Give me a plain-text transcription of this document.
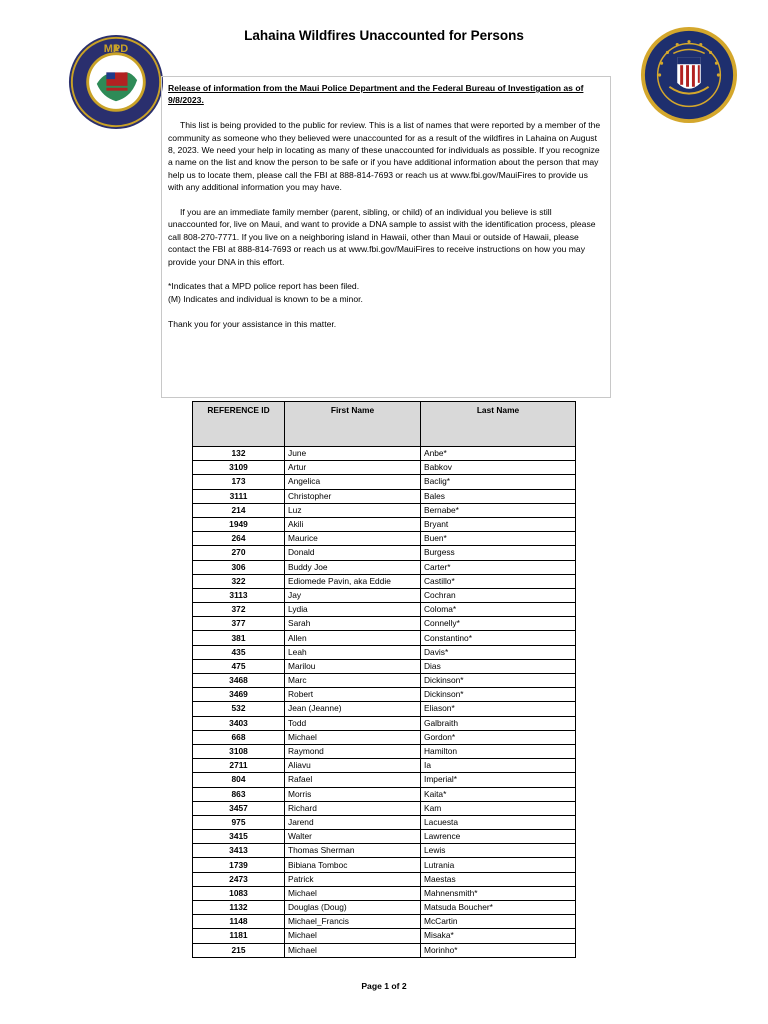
Lahaina Wildfires Unaccounted for Persons
MPD

Release of information from the Maui Police Department and the Federal Bureau of Investigation as of 9/8/2023.

This list is being provided to the public for review. This is a list of names that were reported by a member of the community as someone who they believed were unaccounted for as a result of the wildfires in Lahaina on August 8, 2023. We need your help in locating as many of these unaccounted for individuals as possible. If you recognize a name on the list and know the person to be safe or if you have additional information about the person that may help us to locate them, please call the FBI at 888-814-7693 or reach us at www.fbi.gov/MauiFires to provide us with any additional information you may have.

If you are an immediate family member (parent, sibling, or child) of an individual you believe is still unaccounted for, live on Maui, and want to provide a DNA sample to assist with the identification process, please call 808-270-7771. If you live on a neighboring island in Hawaii, other than Maui or outside of Hawaii, please contact the FBI at 888-814-7693 or reach us at www.fbi.gov/MauiFires to receive instructions on how you may provide your DNA in this effort.

*Indicates that a MPD police report has been filed.

(M) Indicates and individual is known to be a minor.

Thank you for your assistance in this matter.

REFERENCE ID	First Name	Last Name
132	June	Anbe*
3109	Artur	Babkov
173	Angelica	Baclig*
3111	Christopher	Bales
214	Luz	Bernabe*
1949	Akili	Bryant
264	Maurice	Buen*
270	Donald	Burgess
306	Buddy Joe	Carter*
322	Ediomede Pavin, aka Eddie	Castillo*
3113	Jay	Cochran
372	Lydia	Coloma*
377	Sarah	Connelly*
381	Allen	Constantino*
435	Leah	Davis*
475	Marilou	Dias
3468	Marc	Dickinson*
3469	Robert	Dickinson*
532	Jean (Jeanne)	Eliason*
3403	Todd	Galbraith
668	Michael	Gordon*
3108	Raymond	Hamilton
2711	Aliavu	Ia
804	Rafael	Imperial*
863	Morris	Kaita*
3457	Richard	Kam
975	Jarend	Lacuesta
3415	Walter	Lawrence
3413	Thomas Sherman	Lewis
1739	Bibiana Tomboc	Lutrania
2473	Patrick	Maestas
1083	Michael	Mahnensmith*
1132	Douglas (Doug)	Matsuda Boucher*
1148	Michael_Francis	McCartin
1181	Michael	Misaka*
215	Michael	Morinho*
Page 1 of 2
